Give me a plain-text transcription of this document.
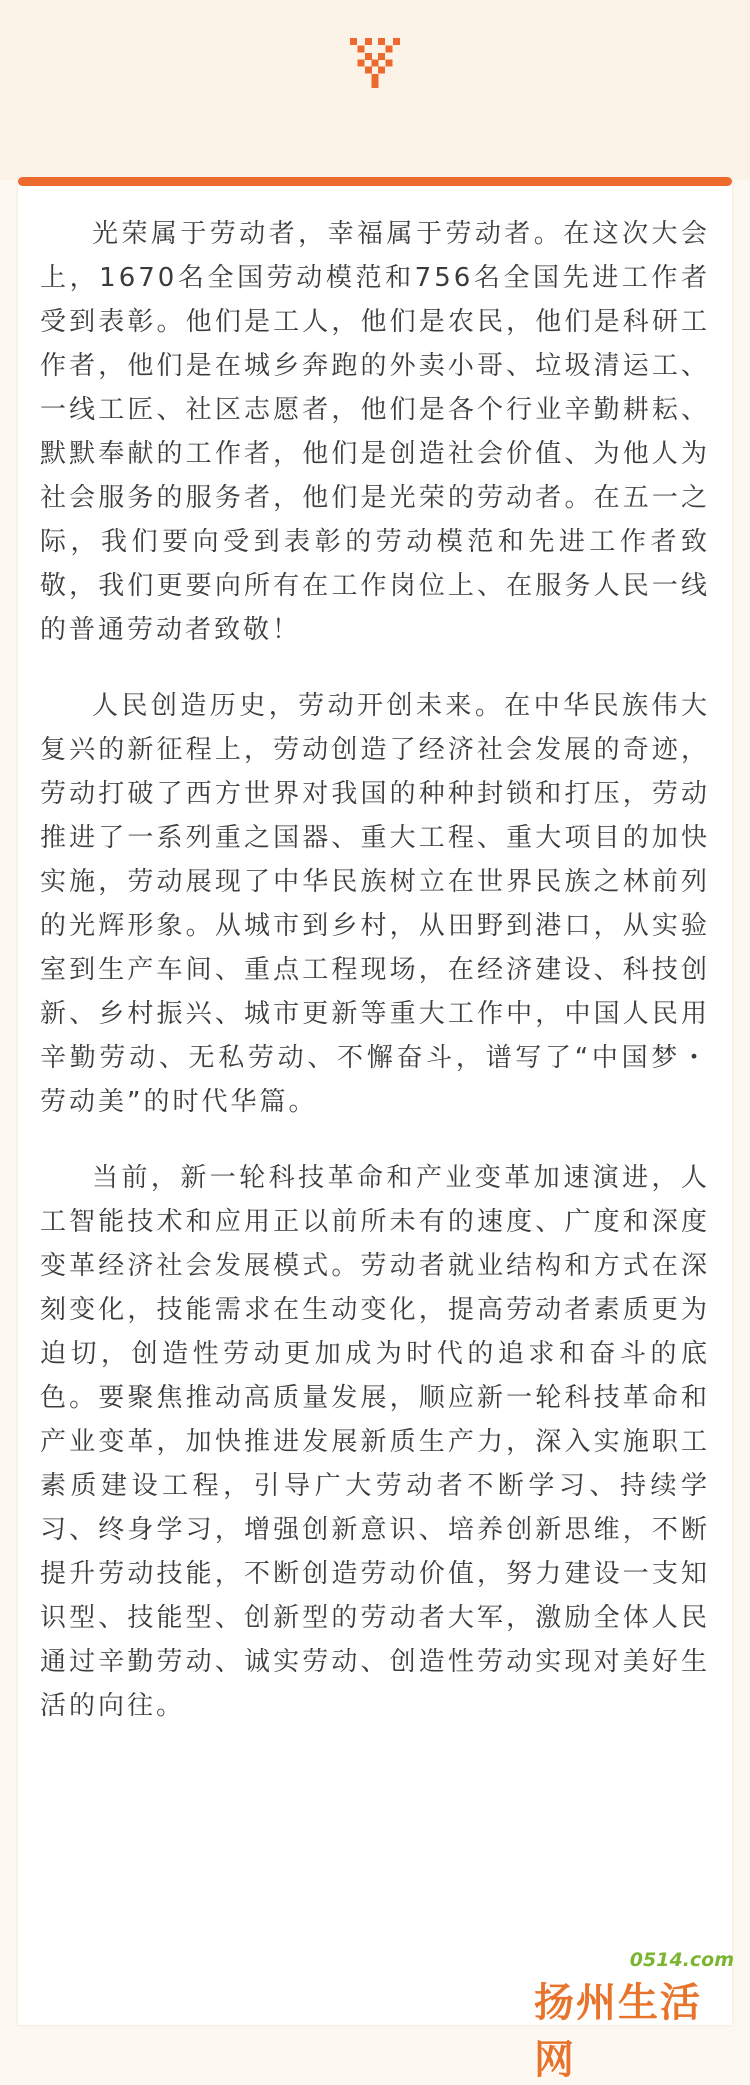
光荣属于劳动者，幸福属于劳动者。在这次大会上，1670名全国劳动模范和756名全国先进工作者受到表彰。他们是工人，他们是农民，他们是科研工作者，他们是在城乡奔跑的外卖小哥、垃圾清运工、一线工匠、社区志愿者，他们是各个行业辛勤耕耘、默默奉献的工作者，他们是创造社会价值、为他人为社会服务的服务者，他们是光荣的劳动者。在五一之际，我们要向受到表彰的劳动模范和先进工作者致敬，我们更要向所有在工作岗位上、在服务人民一线的普通劳动者致敬！

人民创造历史，劳动开创未来。在中华民族伟大复兴的新征程上，劳动创造了经济社会发展的奇迹，劳动打破了西方世界对我国的种种封锁和打压，劳动推进了一系列重之国器、重大工程、重大项目的加快实施，劳动展现了中华民族树立在世界民族之林前列的光辉形象。从城市到乡村，从田野到港口，从实验室到生产车间、重点工程现场，在经济建设、科技创新、乡村振兴、城市更新等重大工作中，中国人民用辛勤劳动、无私劳动、不懈奋斗，谱写了“中国梦・劳动美”的时代华篇。

当前，新一轮科技革命和产业变革加速演进，人工智能技术和应用正以前所未有的速度、广度和深度变革经济社会发展模式。劳动者就业结构和方式在深刻变化，技能需求在生动变化，提高劳动者素质更为迫切，创造性劳动更加成为时代的追求和奋斗的底色。要聚焦推动高质量发展，顺应新一轮科技革命和产业变革，加快推进发展新质生产力，深入实施职工素质建设工程，引导广大劳动者不断学习、持续学习、终身学习，增强创新意识、培养创新思维，不断提升劳动技能，不断创造劳动价值，努力建设一支知识型、技能型、创新型的劳动者大军，激励全体人民通过辛勤劳动、诚实劳动、创造性劳动实现对美好生活的向往。

0514.com
扬州生活网
